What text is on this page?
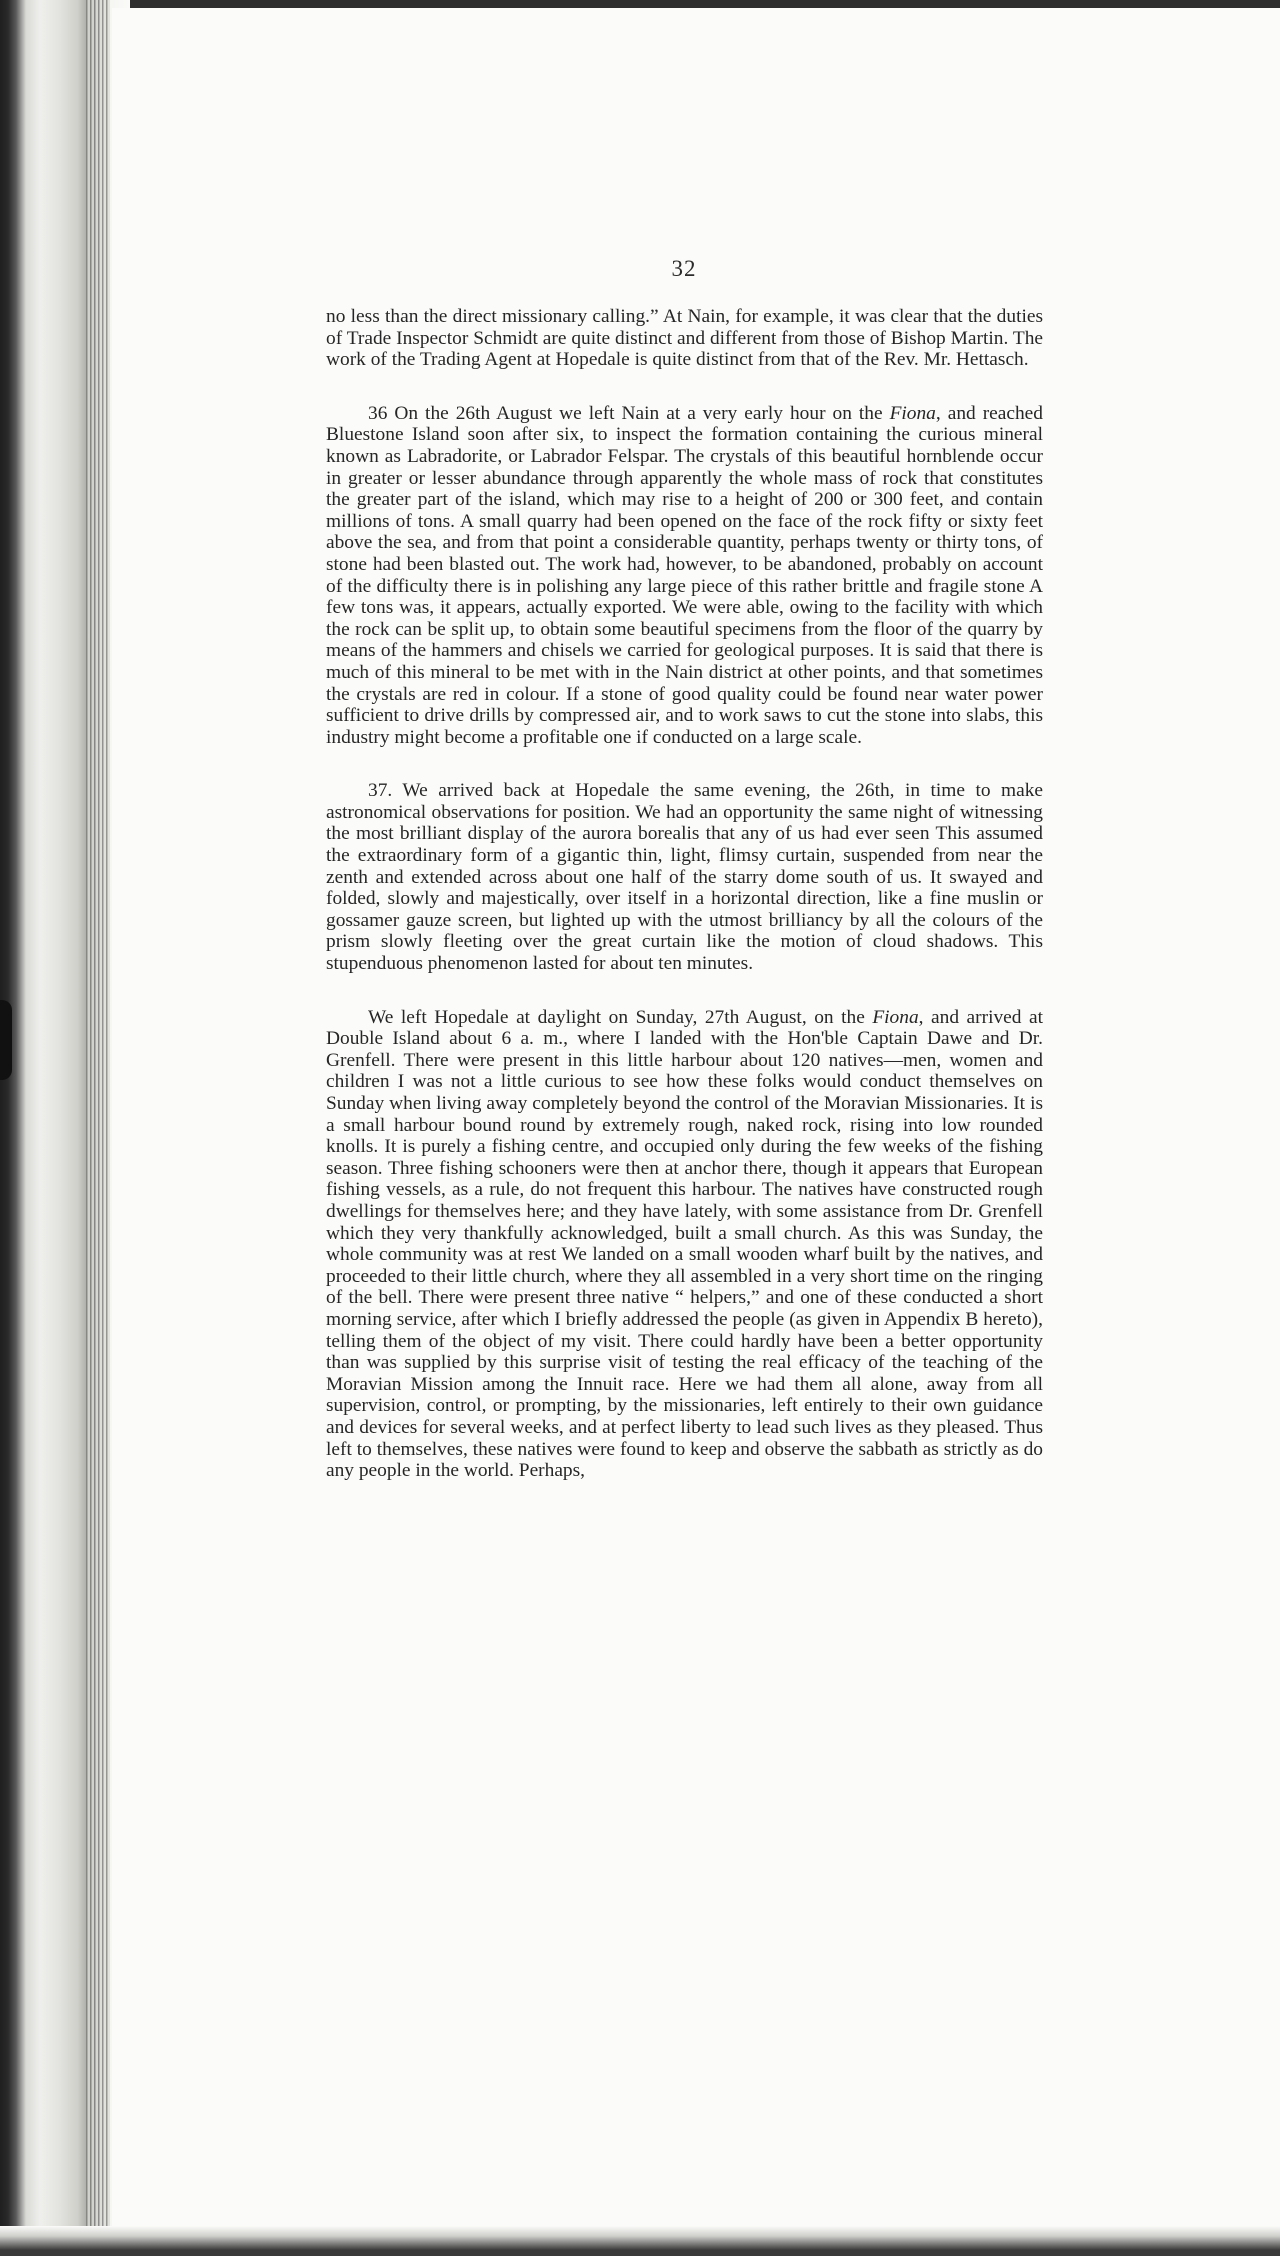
32

no less than the direct missionary calling.” At Nain, for example, it was clear that the duties of Trade Inspector Schmidt are quite distinct and different from those of Bishop Martin. The work of the Trading Agent at Hopedale is quite distinct from that of the Rev. Mr. Hettasch.

36 On the 26th August we left Nain at a very early hour on the Fiona, and reached Bluestone Island soon after six, to inspect the formation containing the curious mineral known as Labradorite, or Labrador Felspar. The crystals of this beautiful hornblende occur in greater or lesser abundance through apparently the whole mass of rock that constitutes the greater part of the island, which may rise to a height of 200 or 300 feet, and contain millions of tons. A small quarry had been opened on the face of the rock fifty or sixty feet above the sea, and from that point a considerable quantity, perhaps twenty or thirty tons, of stone had been blasted out. The work had, however, to be abandoned, probably on account of the difficulty there is in polishing any large piece of this rather brittle and fragile stone A few tons was, it appears, actually exported. We were able, owing to the facility with which the rock can be split up, to obtain some beautiful specimens from the floor of the quarry by means of the hammers and chisels we carried for geological purposes. It is said that there is much of this mineral to be met with in the Nain district at other points, and that sometimes the crystals are red in colour. If a stone of good quality could be found near water power sufficient to drive drills by compressed air, and to work saws to cut the stone into slabs, this industry might become a profitable one if conducted on a large scale.

37. We arrived back at Hopedale the same evening, the 26th, in time to make astronomical observations for position. We had an opportunity the same night of witnessing the most brilliant display of the aurora borealis that any of us had ever seen This assumed the extraordinary form of a gigantic thin, light, flimsy curtain, suspended from near the zenth and extended across about one half of the starry dome south of us. It swayed and folded, slowly and majestically, over itself in a horizontal direction, like a fine muslin or gossamer gauze screen, but lighted up with the utmost brilliancy by all the colours of the prism slowly fleeting over the great curtain like the motion of cloud shadows. This stupenduous phenomenon lasted for about ten minutes.

We left Hopedale at daylight on Sunday, 27th August, on the Fiona, and arrived at Double Island about 6 a. m., where I landed with the Hon'ble Captain Dawe and Dr. Grenfell. There were present in this little harbour about 120 natives—men, women and children I was not a little curious to see how these folks would conduct themselves on Sunday when living away completely beyond the control of the Moravian Missionaries. It is a small harbour bound round by extremely rough, naked rock, rising into low rounded knolls. It is purely a fishing centre, and occupied only during the few weeks of the fishing season. Three fishing schooners were then at anchor there, though it appears that European fishing vessels, as a rule, do not frequent this harbour. The natives have constructed rough dwellings for themselves here; and they have lately, with some assistance from Dr. Grenfell which they very thankfully acknowledged, built a small church. As this was Sunday, the whole community was at rest We landed on a small wooden wharf built by the natives, and proceeded to their little church, where they all assembled in a very short time on the ringing of the bell. There were present three native “ helpers,” and one of these conducted a short morning service, after which I briefly addressed the people (as given in Appendix B hereto), telling them of the object of my visit. There could hardly have been a better opportunity than was supplied by this surprise visit of testing the real efficacy of the teaching of the Moravian Mission among the Innuit race. Here we had them all alone, away from all supervision, control, or prompting, by the missionaries, left entirely to their own guidance and devices for several weeks, and at perfect liberty to lead such lives as they pleased. Thus left to themselves, these natives were found to keep and observe the sabbath as strictly as do any people in the world. Perhaps,
